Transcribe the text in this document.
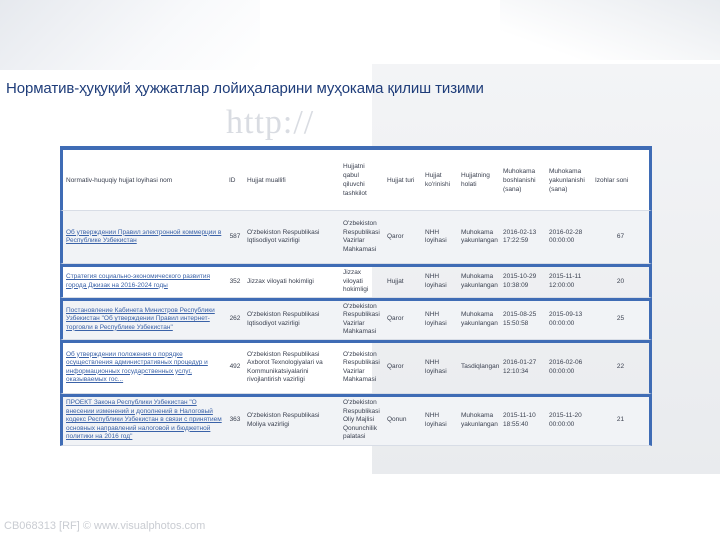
http://
Норматив-ҳуқуқий ҳужжатлар лойиҳаларини муҳокама қилиш тизими
Normativ-huquqiy hujjat loyihasi nom	ID	Hujjat muallifi	Hujjatni qabul qiluvchi tashkilot	Hujjat turi	Hujjat ko'rinishi	Hujjatning holati	Muhokama boshlanishi (sana)	Muhokama yakunlanishi (sana)	Izohlar soni
Об утверждении Правил электронной коммерции в Республике Узбекистан	587	O'zbekiston Respublikasi Iqtisodiyot vazirligi	O'zbekiston Respublikasi Vazirlar Mahkamasi	Qaror	NHH loyihasi	Muhokama yakunlangan	2016-02-13 17:22:59	2016-02-28 00:00:00	67
Стратегия социально-экономического развития города Джизак на 2016-2024 годы	352	Jizzax viloyati hokimligi	Jizzax viloyati hokimligi	Hujjat	NHH loyihasi	Muhokama yakunlangan	2015-10-29 10:38:09	2015-11-11 12:00:00	20
Постановление Кабинета Министров Республики Узбекистан "Об утверждении Правил интернет-торговли в Республике Узбекистан"	262	O'zbekiston Respublikasi Iqtisodiyot vazirligi	O'zbekiston Respublikasi Vazirlar Mahkamasi	Qaror	NHH loyihasi	Muhokama yakunlangan	2015-08-25 15:50:58	2015-09-13 00:00:00	25
Об утверждении положения о порядке осуществления административных процедур и информационных государственных услуг, оказываемых гос...	492	O'zbekiston Respublikasi Axborot Texnologiyalari va Kommunikatsiyalarini rivojlantirish vazirligi	O'zbekiston Respublikasi Vazirlar Mahkamasi	Qaror	NHH loyihasi	Tasdiqlangan	2016-01-27 12:10:34	2016-02-06 00:00:00	22
ПРОЕКТ Закона Республики Узбекистан "О внесении изменений и дополнений в Налоговый кодекс Республики Узбекистан в связи с принятием основных направлений налоговой и бюджетной политики на 2016 год"	363	O'zbekiston Respublikasi Moliya vazirligi	O'zbekiston Respublikasi Oliy Majlisi Qonunchilik palatasi	Qonun	NHH loyihasi	Muhokama yakunlangan	2015-11-10 18:55:40	2015-11-20 00:00:00	21
CB068313 [RF] © www.visualphotos.com
